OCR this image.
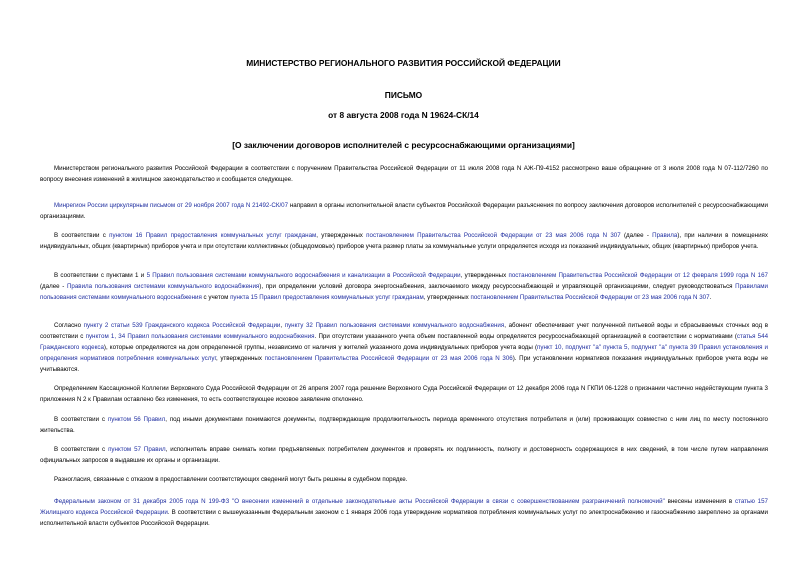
МИНИСТЕРСТВО РЕГИОНАЛЬНОГО РАЗВИТИЯ РОССИЙСКОЙ ФЕДЕРАЦИИ
ПИСЬМО
от 8 августа 2008 года N 19624-СК/14
[О заключении договоров исполнителей с ресурсоснабжающими организациями]

Министерством регионального развития Российской Федерации в соответствии с поручением Правительства Российской Федерации от 11 июля 2008 года N АЖ-П9-4152 рассмотрено ваше обращение от 3 июля 2008 года N 07-112/7260 по вопросу внесения изменений в жилищное законодательство и сообщается следующее.

Минрегион России циркулярным письмом от 29 ноября 2007 года N 21492-СК/07 направил в органы исполнительной власти субъектов Российской Федерации разъяснения по вопросу заключения договоров исполнителей с ресурсоснабжающими организациями.

В соответствии с пунктом 16 Правил предоставления коммунальных услуг гражданам, утвержденных постановлением Правительства Российской Федерации от 23 мая 2006 года N 307 (далее - Правила), при наличии в помещениях индивидуальных, общих (квартирных) приборов учета и при отсутствии коллективных (общедомовых) приборов учета размер платы за коммунальные услуги определяется исходя из показаний индивидуальных, общих (квартирных) приборов учета.

В соответствии с пунктами 1 и 5 Правил пользования системами коммунального водоснабжения и канализации в Российской Федерации, утвержденных постановлением Правительства Российской Федерации от 12 февраля 1999 года N 167 (далее - Правила пользования системами коммунального водоснабжения), при определении условий договора энергоснабжения, заключаемого между ресурсоснабжающей и управляющей организациями, следует руководствоваться Правилами пользования системами коммунального водоснабжения с учетом пункта 15 Правил предоставления коммунальных услуг гражданам, утвержденных постановлением Правительства Российской Федерации от 23 мая 2006 года N 307.

Согласно пункту 2 статьи 539 Гражданского кодекса Российской Федерации, пункту 32 Правил пользования системами коммунального водоснабжения, абонент обеспечивает учет полученной питьевой воды и сбрасываемых сточных вод в соответствии с пунктом 1, 34 Правил пользования системами коммунального водоснабжения. При отсутствии указанного учета объем поставленной воды определяется ресурсоснабжающей организацией в соответствии с нормативами (статья 544 Гражданского кодекса), которые определяются на дом определенной группы, независимо от наличия у жителей указанного дома индивидуальных приборов учета воды (пункт 10, подпункт "а" пункта 5, подпункт "а" пункта 39 Правил установления и определения нормативов потребления коммунальных услуг, утвержденных постановлением Правительства Российской Федерации от 23 мая 2006 года N 306). При установлении нормативов показания индивидуальных приборов учета воды не учитываются.

Определением Кассационной Коллегии Верховного Суда Российской Федерации от 26 апреля 2007 года решение Верховного Суда Российской Федерации от 12 декабря 2006 года N ГКПИ 06-1228 о признании частично недействующим пункта 3 приложения N 2 к Правилам оставлено без изменения, то есть соответствующее исковое заявление отклонено.

В соответствии с пунктом 56 Правил, под иными документами понимаются документы, подтверждающие продолжительность периода временного отсутствия потребителя и (или) проживающих совместно с ним лиц по месту постоянного жительства.

В соответствии с пунктом 57 Правил, исполнитель вправе снимать копии предъявляемых потребителем документов и проверять их подлинность, полноту и достоверность содержащихся в них сведений, в том числе путем направления официальных запросов в выдавшие их органы и организации.

Разногласия, связанные с отказом в предоставлении соответствующих сведений могут быть решены в судебном порядке.

Федеральным законом от 31 декабря 2005 года N 199-ФЗ "О внесении изменений в отдельные законодательные акты Российской Федерации в связи с совершенствованием разграничений полномочий" внесены изменения в статью 157 Жилищного кодекса Российской Федерации. В соответствии с вышеуказанным Федеральным законом с 1 января 2006 года утверждение нормативов потребления коммунальных услуг по электроснабжению и газоснабжению закреплено за органами исполнительной власти субъектов Российской Федерации.
